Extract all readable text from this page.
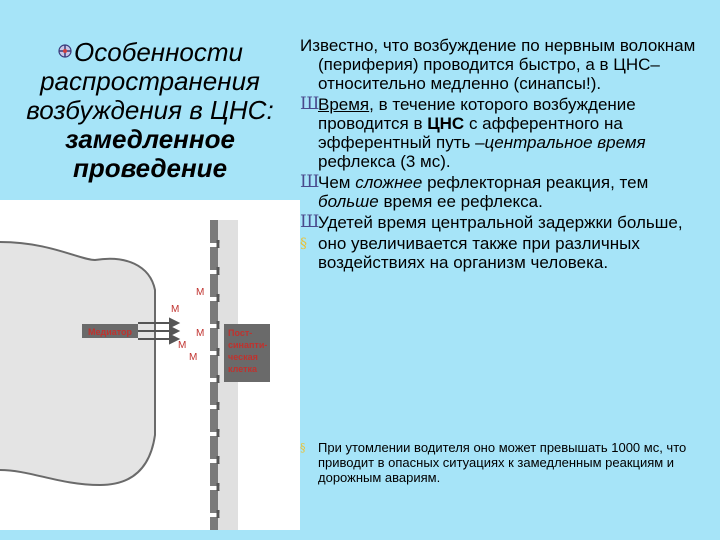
Особенности
распространения
возбуждения в ЦНС:
замедленное
проведение

Известно, что возбуждение по нервным волокнам (периферия) проводится быстро, а в ЦНС– относительно медленно (синапсы!).

Ш
Время, в течение которого возбуждение проводится в ЦНС с афферентного на эфферентный путь –центральное время рефлекса (3 мс).

Ш
Чем сложнее рефлекторная реакция, тем больше время ее рефлекса.

Ш
Удетей время центральной задержки больше,

§ оно увеличивается также при различных воздействиях на организм человека.

§ При утомлении водителя оно может превышать 1000 мс, что приводит в опасных ситуациях к замедленным реакциям и дорожным авариям.

Медиатор
М
М
М
М
М
Пост-
синапти-
ческая
клетка
